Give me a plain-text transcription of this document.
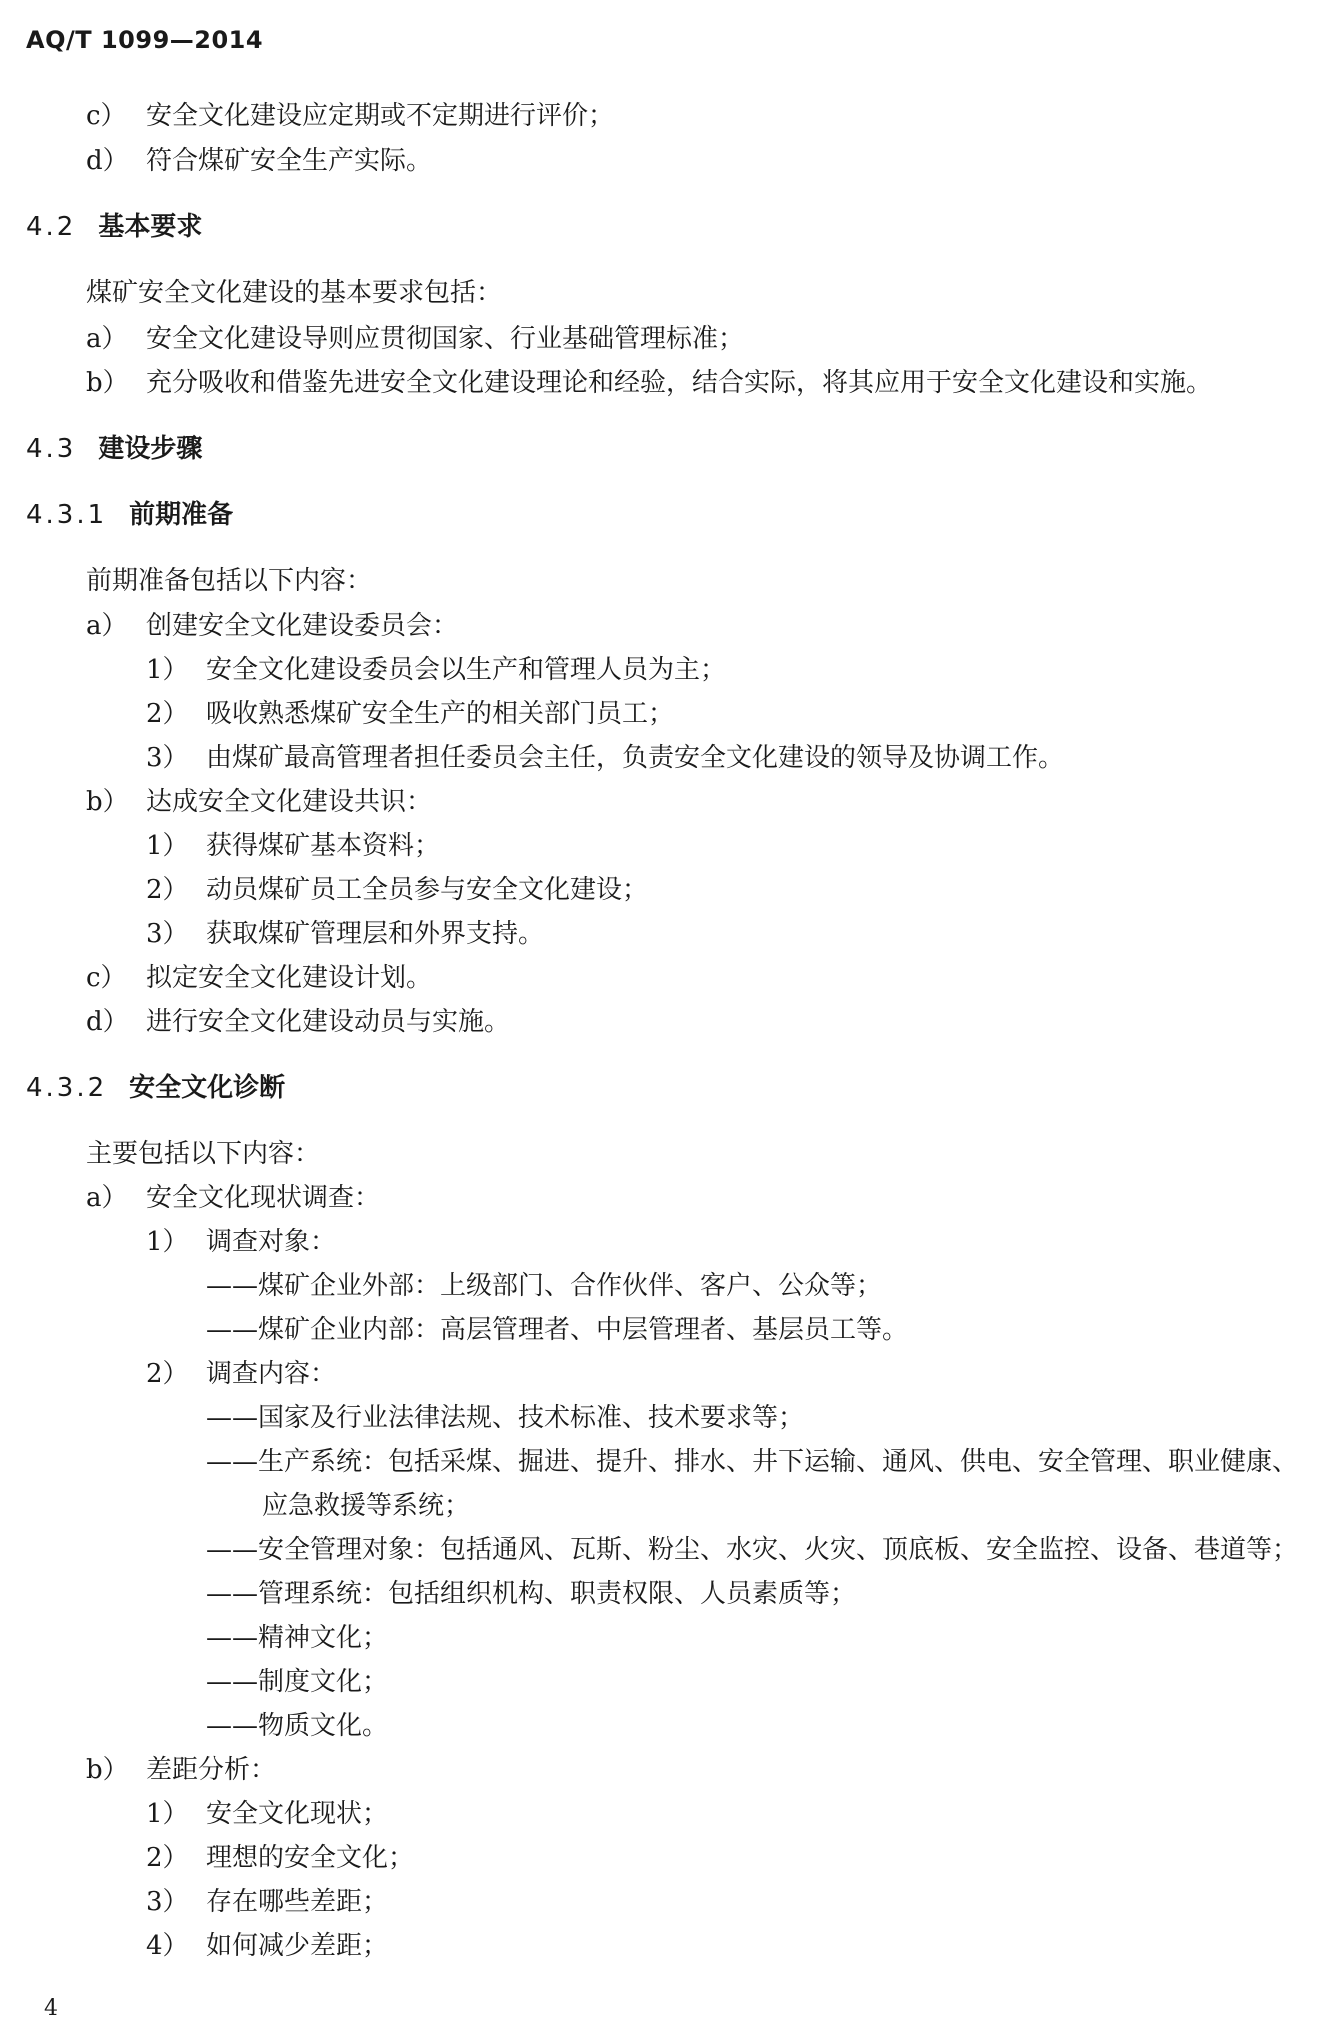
AQ/T 1099—2014
c） 安全文化建设应定期或不定期进行评价；
d） 符合煤矿安全生产实际。
4.2 基本要求
煤矿安全文化建设的基本要求包括：
a） 安全文化建设导则应贯彻国家、行业基础管理标准；
b） 充分吸收和借鉴先进安全文化建设理论和经验，结合实际，将其应用于安全文化建设和实施。
4.3 建设步骤
4.3.1 前期准备
前期准备包括以下内容：
a） 创建安全文化建设委员会：
1） 安全文化建设委员会以生产和管理人员为主；
2） 吸收熟悉煤矿安全生产的相关部门员工；
3） 由煤矿最高管理者担任委员会主任，负责安全文化建设的领导及协调工作。
b） 达成安全文化建设共识：
1） 获得煤矿基本资料；
2） 动员煤矿员工全员参与安全文化建设；
3） 获取煤矿管理层和外界支持。
c） 拟定安全文化建设计划。
d） 进行安全文化建设动员与实施。
4.3.2 安全文化诊断
主要包括以下内容：
a） 安全文化现状调查：
1） 调查对象：
——煤矿企业外部：上级部门、合作伙伴、客户、公众等；
——煤矿企业内部：高层管理者、中层管理者、基层员工等。
2） 调查内容：
——国家及行业法律法规、技术标准、技术要求等；
——生产系统：包括采煤、掘进、提升、排水、井下运输、通风、供电、安全管理、职业健康、
应急救援等系统；
——安全管理对象：包括通风、瓦斯、粉尘、水灾、火灾、顶底板、安全监控、设备、巷道等；
——管理系统：包括组织机构、职责权限、人员素质等；
——精神文化；
——制度文化；
——物质文化。
b） 差距分析：
1） 安全文化现状；
2） 理想的安全文化；
3） 存在哪些差距；
4） 如何减少差距；
4
